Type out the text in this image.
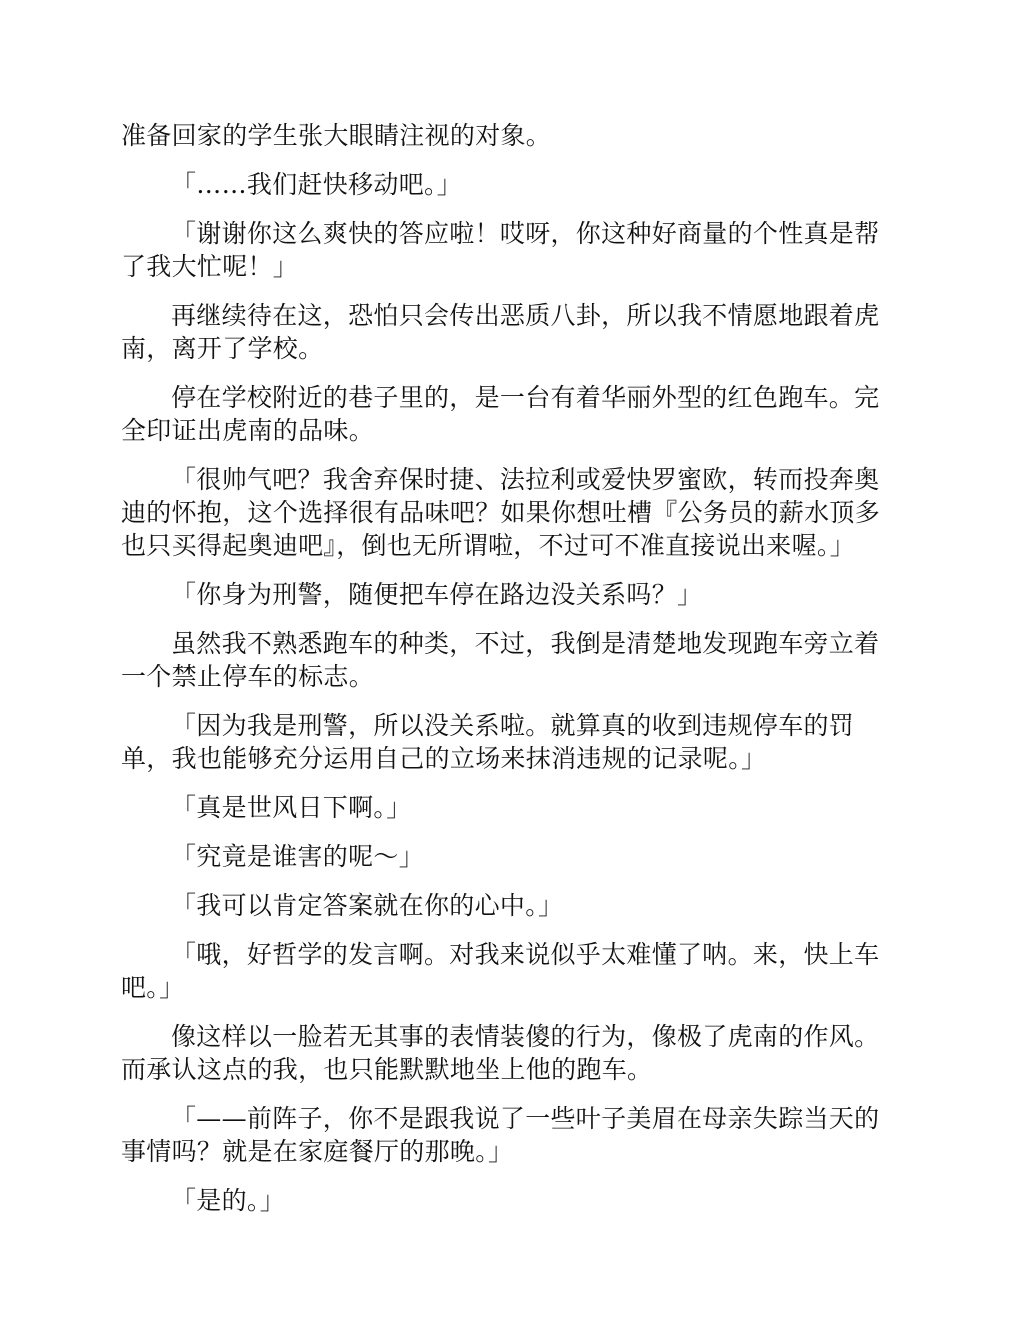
准备回家的学生张大眼睛注视的对象。

「……我们赶快移动吧。」

「谢谢你这么爽快的答应啦！哎呀，你这种好商量的个性真是帮了我大忙呢！」

再继续待在这，恐怕只会传出恶质八卦，所以我不情愿地跟着虎南，离开了学校。

停在学校附近的巷子里的，是一台有着华丽外型的红色跑车。完全印证出虎南的品味。

「很帅气吧？我舍弃保时捷、法拉利或爱快罗蜜欧，转而投奔奥迪的怀抱，这个选择很有品味吧？如果你想吐槽『公务员的薪水顶多也只买得起奥迪吧』，倒也无所谓啦，不过可不准直接说出来喔。」

「你身为刑警，随便把车停在路边没关系吗？」

虽然我不熟悉跑车的种类，不过，我倒是清楚地发现跑车旁立着一个禁止停车的标志。

「因为我是刑警，所以没关系啦。就算真的收到违规停车的罚单，我也能够充分运用自己的立场来抹消违规的记录呢。」

「真是世风日下啊。」

「究竟是谁害的呢～」

「我可以肯定答案就在你的心中。」

「哦，好哲学的发言啊。对我来说似乎太难懂了呐。来，快上车吧。」

像这样以一脸若无其事的表情装傻的行为，像极了虎南的作风。而承认这点的我，也只能默默地坐上他的跑车。

「——前阵子，你不是跟我说了一些叶子美眉在母亲失踪当天的事情吗？就是在家庭餐厅的那晚。」

「是的。」
